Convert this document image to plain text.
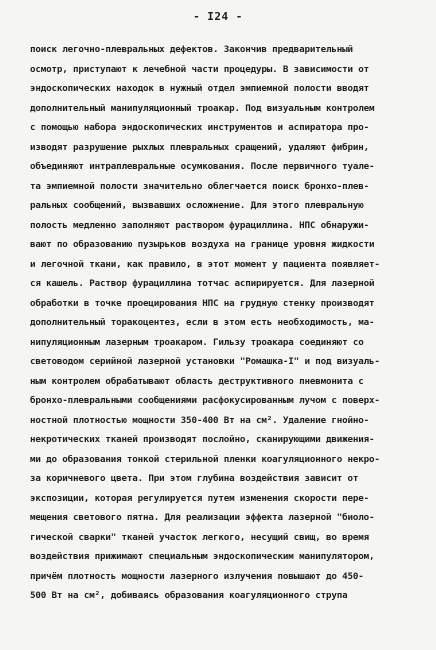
- I24 -
поиск легочно-плевральных дефектов. Закончив предварительный
осмотр, приступают к лечебной части процедуры. В зависимости от
эндоскопических находок в нужный отдел эмпиемной полости вводят
дополнительный манипуляционный троакар. Под визуальным контролем
с помощью набора эндоскопических инструментов и аспиратора про-
изводят разрушение рыхлых плевральных сращений, удаляют фибрин,
объединяют интраплевральные осумкования. После первичного туале-
та эмпиемной полости значительно облегчается поиск бронхо-плев-
ральных сообщений, вызвавших осложнение. Для этого плевральную
полость медленно заполняют раствором фурациллина. НПС обнаружи-
вают по образованию пузырьков воздуха на границе уровня жидкости
и легочной ткани, как правило, в этот момент у пациента появляет-
ся кашель. Раствор фурациллина тотчас аспирируется. Для лазерной
обработки в точке проецирования НПС на грудную стенку производят
дополнительный торакоцентез, если в этом есть необходимость, ма-
нипуляционным лазерным троакаром. Гильзу троакара соединяют со
световодом серийной лазерной установки "Ромашка-I" и под визуаль-
ным контролем обрабатывают область деструктивного пневмонита с
бронхо-плевральными сообщениями расфокусированным лучом с поверх-
ностной плотностью мощности 350-400 Вт на см². Удаление гнойно-
некротических тканей производят послойно, сканирующими движения-
ми до образования тонкой стерильной пленки коагуляционного некро-
за коричневого цвета. При этом глубина воздействия зависит от
экспозиции, которая регулируется путем изменения скорости пере-
мещения светового пятна. Для реализации эффекта лазерной "биоло-
гической сварки" тканей участок легкого, несущий свищ, во время
воздействия прижимают специальным эндоскопическим манипулятором,
причём плотность мощности лазерного излучения повышают до 450-
500 Вт на см², добиваясь образования коагуляционного струпа
